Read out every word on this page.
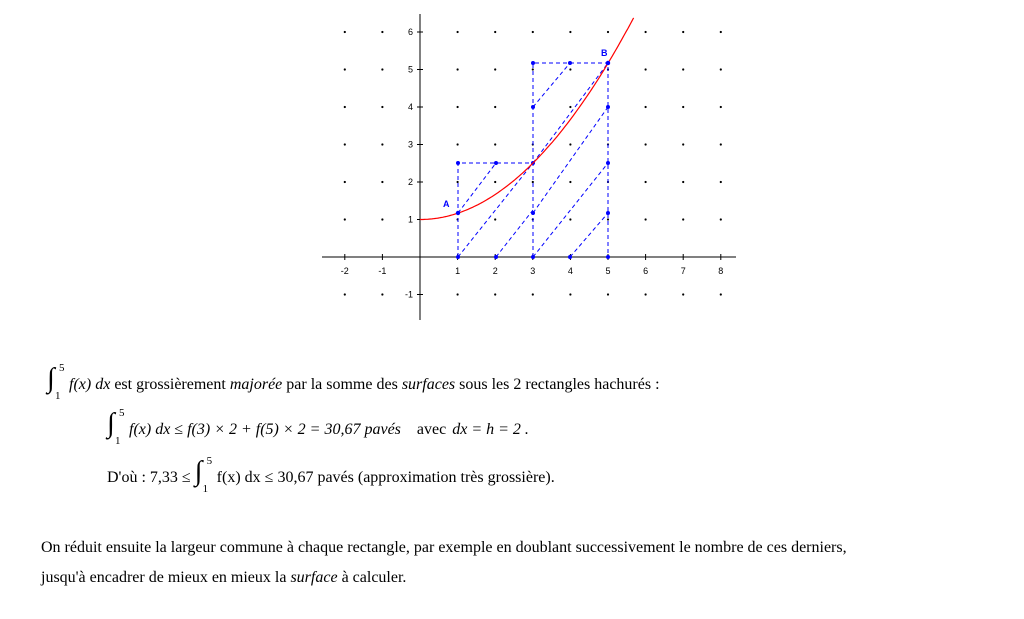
-2	-1	1	2	3	4	5	6	7	8
-1
1
2
3
4
5
6
A
B
∫ 5
1
f(x) dx est grossièrement majorée par la somme des surfaces sous les 2 rectangles hachurés :
∫ 5
1
f(x) dx ≤ f(3) × 2 + f(5) × 2 = 30,67 pavés avec dx = h = 2 .
D'où : 7,33 ≤ ∫ 5
1
f(x) dx ≤ 30,67 pavés (approximation très grossière).
On réduit ensuite la largeur commune à chaque rectangle, par exemple en doublant successivement le nombre de ces derniers,
jusqu'à encadrer de mieux en mieux la surface à calculer.
